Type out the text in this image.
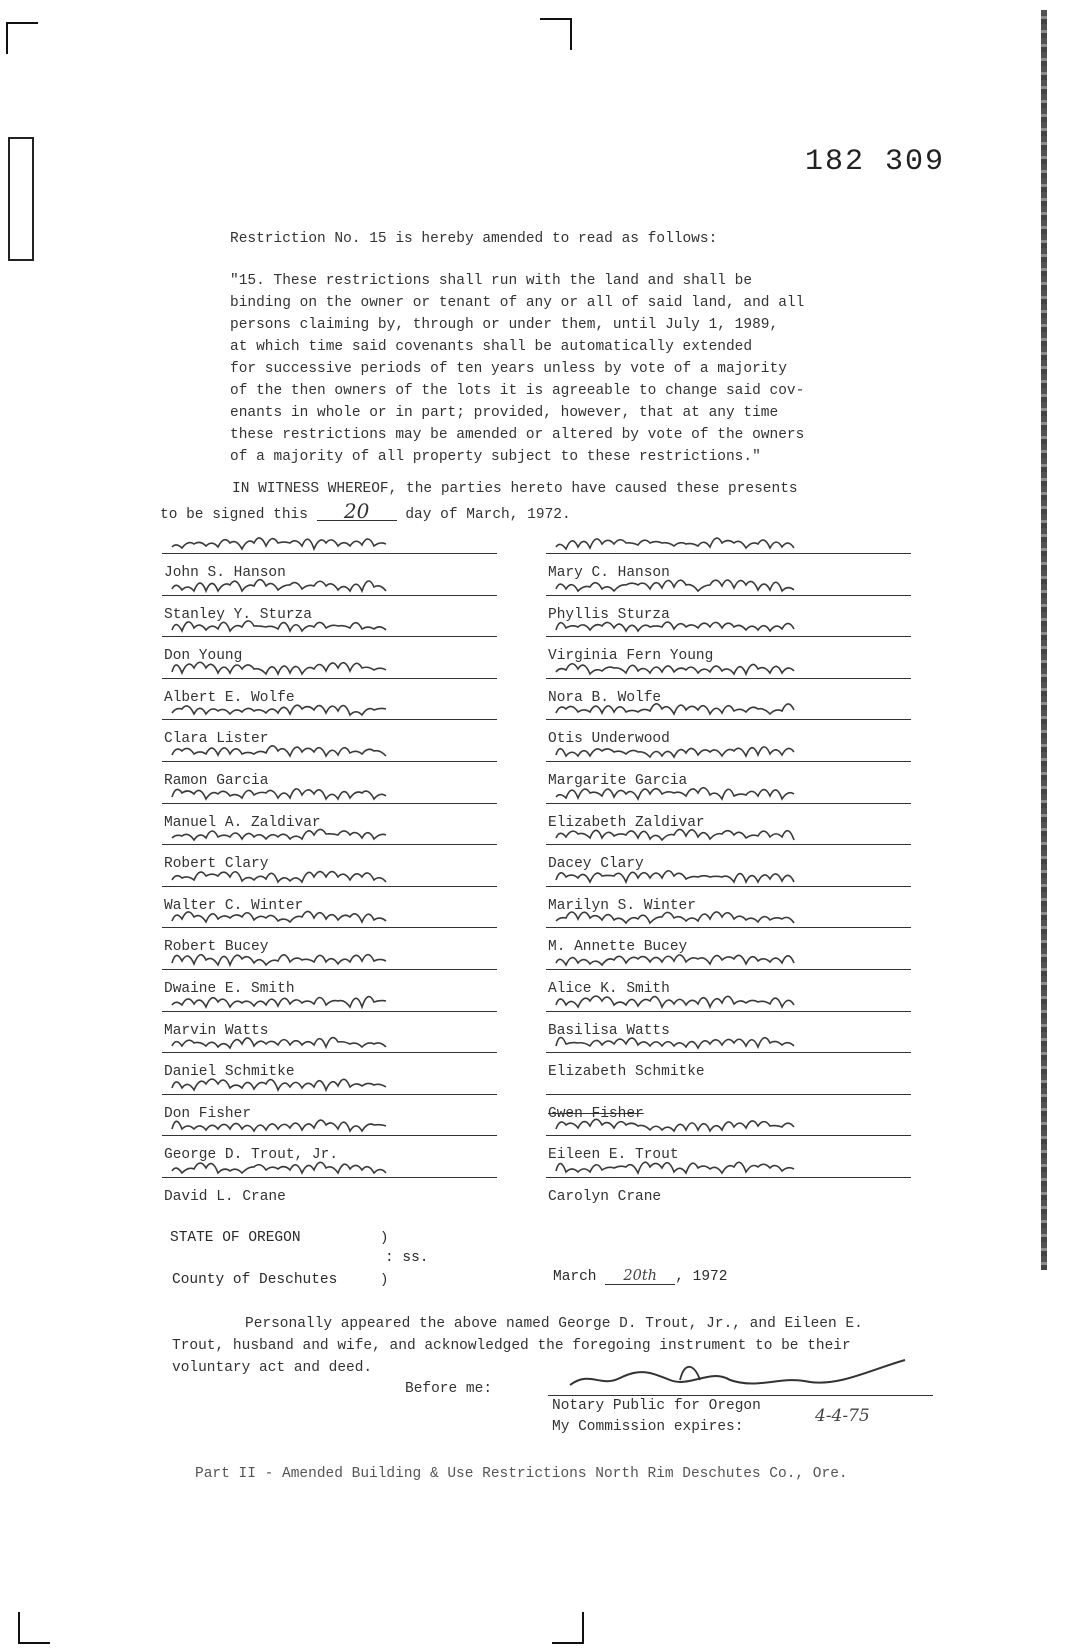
182 309
Restriction No. 15 is hereby amended to read as follows:
"15. These restrictions shall run with the land and shall be
binding on the owner or tenant of any or all of said land, and all
persons claiming by, through or under them, until July 1, 1989,
at which time said covenants shall be automatically extended
for successive periods of ten years unless by vote of a majority
of the then owners of the lots it is agreeable to change said cov-
enants in whole or in part; provided, however, that at any time
these restrictions may be amended or altered by vote of the owners
of a majority of all property subject to these restrictions."
IN WITNESS WHEREOF, the parties hereto have caused these presents
to be signed this 20 day of March, 1972.
John S. Hanson
Stanley Y. Sturza
Don Young
Albert E. Wolfe
Clara Lister
Ramon Garcia
Manuel A. Zaldivar
Robert Clary
Walter C. Winter
Robert Bucey
Dwaine E. Smith
Marvin Watts
Daniel Schmitke
Don Fisher
George D. Trout, Jr.
David L. Crane
Mary C. Hanson
Phyllis Sturza
Virginia Fern Young
Nora B. Wolfe
Otis Underwood
Margarite Garcia
Elizabeth Zaldivar
Dacey Clary
Marilyn S. Winter
M. Annette Bucey
Alice K. Smith
Basilisa Watts
Elizabeth Schmitke
Gwen Fisher
Eileen E. Trout
Carolyn Crane
STATE OF OREGON	)
: ss.
)
County of Deschutes	March 20th , 1972
Personally appeared the above named George D. Trout, Jr., and Eileen E.
Trout, husband and wife, and acknowledged the foregoing instrument to be their
voluntary act and deed.
Before me:
Notary Public for Oregon
My Commission expires:
4-4-75
Part II - Amended Building & Use Restrictions North Rim Deschutes Co., Ore.
